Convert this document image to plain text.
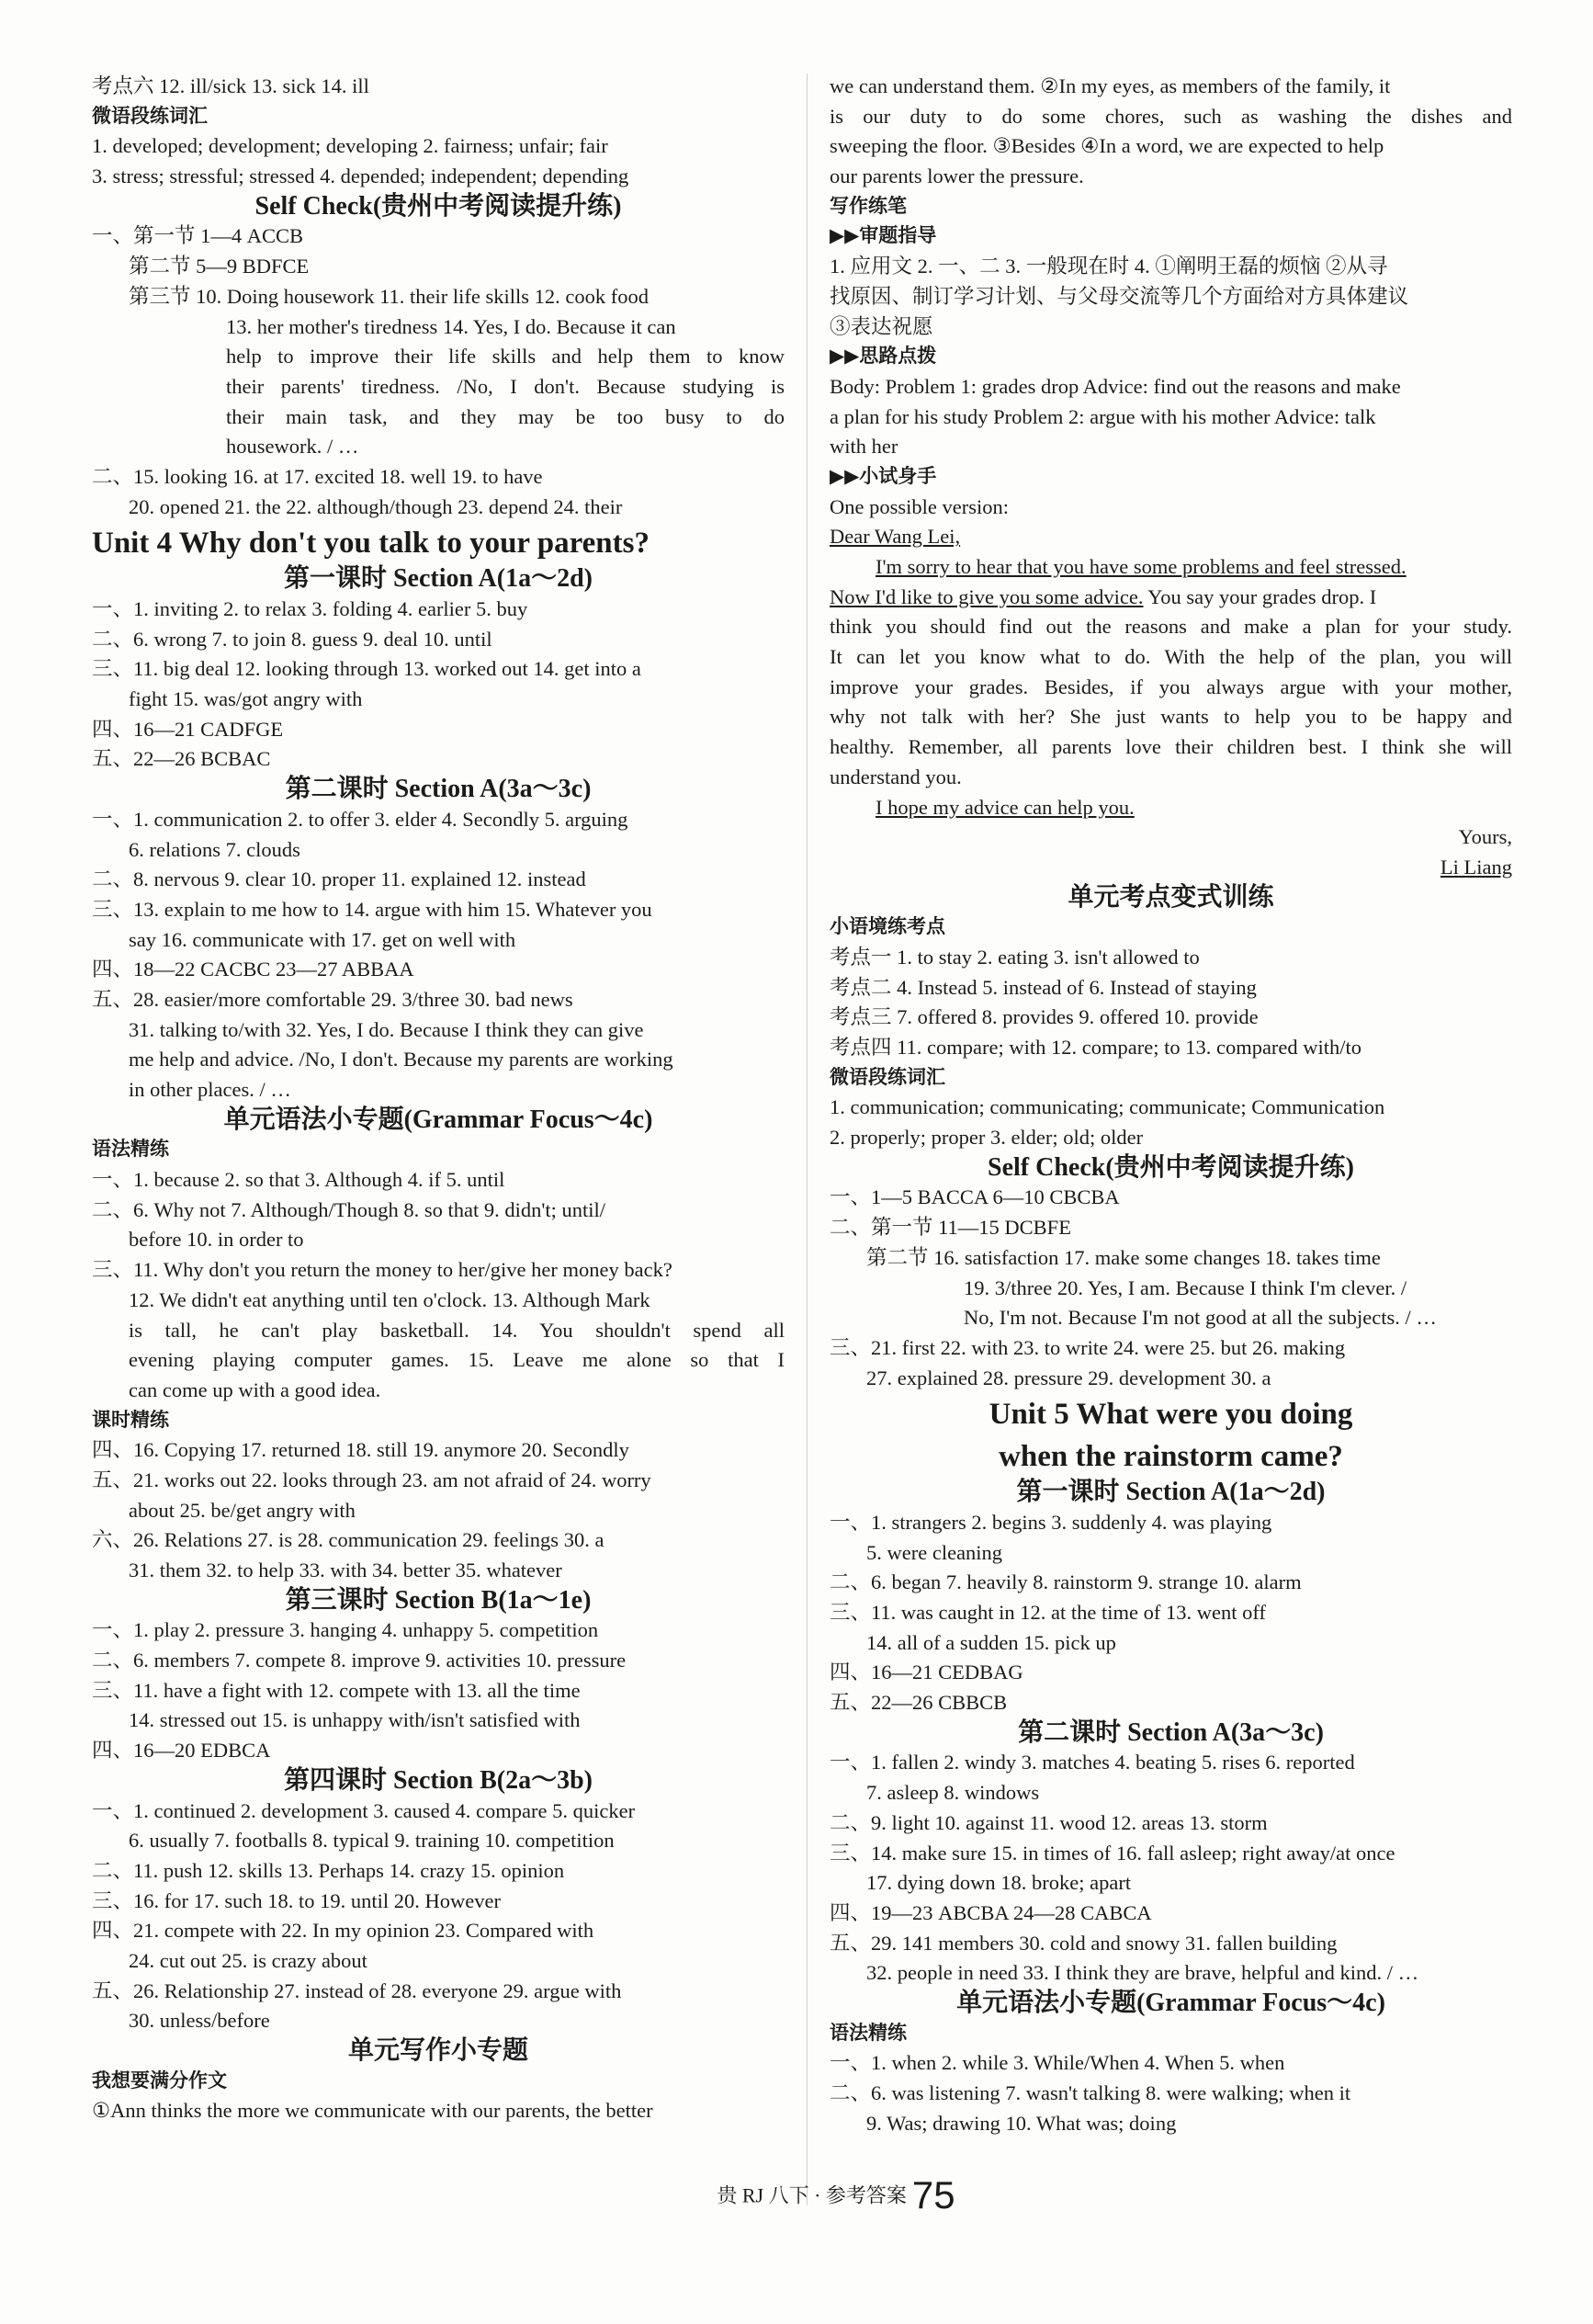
考点六 12. ill/sick 13. sick 14. ill
微语段练词汇
1. developed; development; developing 2. fairness; unfair; fair
3. stress; stressful; stressed 4. depended; independent; depending
Self Check(贵州中考阅读提升练)
一、第一节 1—4 ACCB
第二节 5—9 BDFCE
第三节 10. Doing housework 11. their life skills 12. cook food
13. her mother's tiredness 14. Yes, I do. Because it can
help to improve their life skills and help them to know
their parents' tiredness. /No, I don't. Because studying is
their main task, and they may be too busy to do
housework. / …
二、15. looking 16. at 17. excited 18. well 19. to have
20. opened 21. the 22. although/though 23. depend 24. their
Unit 4 Why don't you talk to your parents?
第一课时 Section A(1a～2d)
一、1. inviting 2. to relax 3. folding 4. earlier 5. buy
二、6. wrong 7. to join 8. guess 9. deal 10. until
三、11. big deal 12. looking through 13. worked out 14. get into a
fight 15. was/got angry with
四、16—21 CADFGE
五、22—26 BCBAC
第二课时 Section A(3a～3c)
一、1. communication 2. to offer 3. elder 4. Secondly 5. arguing
6. relations 7. clouds
二、8. nervous 9. clear 10. proper 11. explained 12. instead
三、13. explain to me how to 14. argue with him 15. Whatever you
say 16. communicate with 17. get on well with
四、18—22 CACBC 23—27 ABBAA
五、28. easier/more comfortable 29. 3/three 30. bad news
31. talking to/with 32. Yes, I do. Because I think they can give
me help and advice. /No, I don't. Because my parents are working
in other places. / …
单元语法小专题(Grammar Focus～4c)
语法精练
一、1. because 2. so that 3. Although 4. if 5. until
二、6. Why not 7. Although/Though 8. so that 9. didn't; until/
before 10. in order to
三、11. Why don't you return the money to her/give her money back?
12. We didn't eat anything until ten o'clock. 13. Although Mark
is tall, he can't play basketball. 14. You shouldn't spend all
evening playing computer games. 15. Leave me alone so that I
can come up with a good idea.
课时精练
四、16. Copying 17. returned 18. still 19. anymore 20. Secondly
五、21. works out 22. looks through 23. am not afraid of 24. worry
about 25. be/get angry with
六、26. Relations 27. is 28. communication 29. feelings 30. a
31. them 32. to help 33. with 34. better 35. whatever
第三课时 Section B(1a～1e)
一、1. play 2. pressure 3. hanging 4. unhappy 5. competition
二、6. members 7. compete 8. improve 9. activities 10. pressure
三、11. have a fight with 12. compete with 13. all the time
14. stressed out 15. is unhappy with/isn't satisfied with
四、16—20 EDBCA
第四课时 Section B(2a～3b)
一、1. continued 2. development 3. caused 4. compare 5. quicker
6. usually 7. footballs 8. typical 9. training 10. competition
二、11. push 12. skills 13. Perhaps 14. crazy 15. opinion
三、16. for 17. such 18. to 19. until 20. However
四、21. compete with 22. In my opinion 23. Compared with
24. cut out 25. is crazy about
五、26. Relationship 27. instead of 28. everyone 29. argue with
30. unless/before
单元写作小专题
我想要满分作文
①Ann thinks the more we communicate with our parents, the better
we can understand them. ②In my eyes, as members of the family, it
is our duty to do some chores, such as washing the dishes and
sweeping the floor. ③Besides ④In a word, we are expected to help
our parents lower the pressure.
写作练笔
▶▶审题指导
1. 应用文 2. 一、二 3. 一般现在时 4. ①阐明王磊的烦恼 ②从寻
找原因、制订学习计划、与父母交流等几个方面给对方具体建议
③表达祝愿
▶▶思路点拨
Body: Problem 1: grades drop Advice: find out the reasons and make
a plan for his study Problem 2: argue with his mother Advice: talk
with her
▶▶小试身手
One possible version:
Dear Wang Lei,
I'm sorry to hear that you have some problems and feel stressed.
Now I'd like to give you some advice. You say your grades drop. I
think you should find out the reasons and make a plan for your study.
It can let you know what to do. With the help of the plan, you will
improve your grades. Besides, if you always argue with your mother,
why not talk with her? She just wants to help you to be happy and
healthy. Remember, all parents love their children best. I think she will
understand you.
I hope my advice can help you.
Yours,
Li Liang
单元考点变式训练
小语境练考点
考点一 1. to stay 2. eating 3. isn't allowed to
考点二 4. Instead 5. instead of 6. Instead of staying
考点三 7. offered 8. provides 9. offered 10. provide
考点四 11. compare; with 12. compare; to 13. compared with/to
微语段练词汇
1. communication; communicating; communicate; Communication
2. properly; proper 3. elder; old; older
Self Check(贵州中考阅读提升练)
一、1—5 BACCA 6—10 CBCBA
二、第一节 11—15 DCBFE
第二节 16. satisfaction 17. make some changes 18. takes time
19. 3/three 20. Yes, I am. Because I think I'm clever. /
No, I'm not. Because I'm not good at all the subjects. / …
三、21. first 22. with 23. to write 24. were 25. but 26. making
27. explained 28. pressure 29. development 30. a
Unit 5 What were you doing
when the rainstorm came?
第一课时 Section A(1a～2d)
一、1. strangers 2. begins 3. suddenly 4. was playing
5. were cleaning
二、6. began 7. heavily 8. rainstorm 9. strange 10. alarm
三、11. was caught in 12. at the time of 13. went off
14. all of a sudden 15. pick up
四、16—21 CEDBAG
五、22—26 CBBCB
第二课时 Section A(3a～3c)
一、1. fallen 2. windy 3. matches 4. beating 5. rises 6. reported
7. asleep 8. windows
二、9. light 10. against 11. wood 12. areas 13. storm
三、14. make sure 15. in times of 16. fall asleep; right away/at once
17. dying down 18. broke; apart
四、19—23 ABCBA 24—28 CABCA
五、29. 141 members 30. cold and snowy 31. fallen building
32. people in need 33. I think they are brave, helpful and kind. / …
单元语法小专题(Grammar Focus～4c)
语法精练
一、1. when 2. while 3. While/When 4. When 5. when
二、6. was listening 7. wasn't talking 8. were walking; when it
9. Was; drawing 10. What was; doing
贵 RJ 八下 · 参考答案 75
